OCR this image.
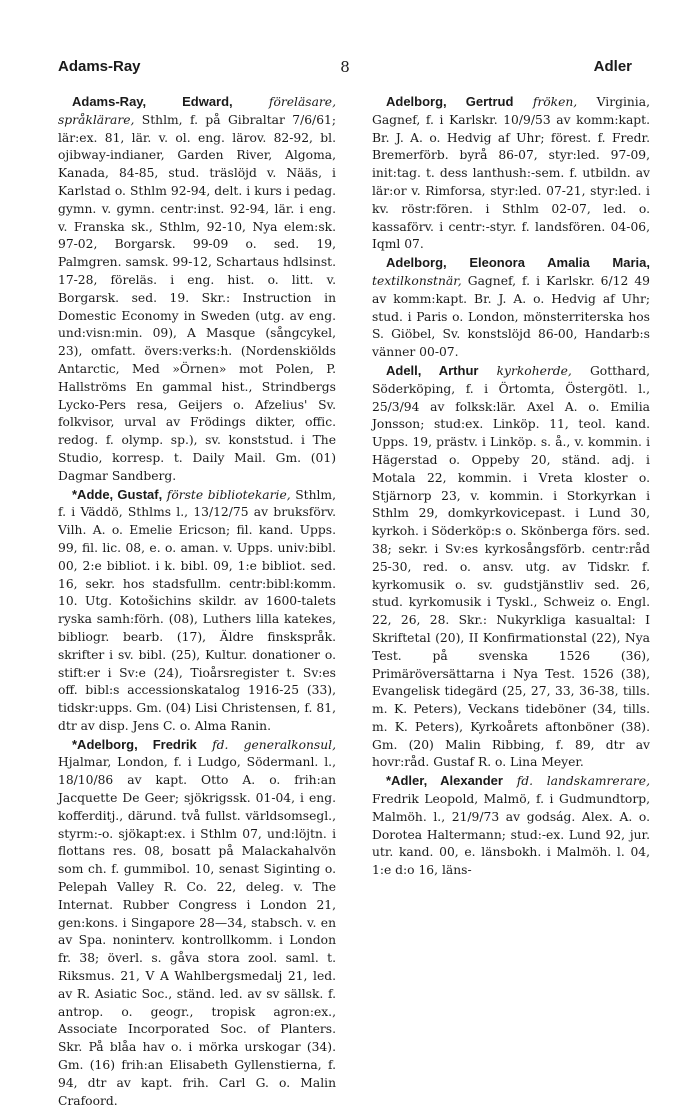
Adams-Ray	8	Adler

Adams-Ray, Edward,	föreläsare, språklärare, Sthlm, f. på Gibraltar 7/6/61; lär:ex. 81, lär. v. ol. eng. lärov. 82-92, bl. ojibway-indianer, Garden River, Algoma, Kanada, 84-85, stud. träslöjd v. Nääs, i Karlstad o. Sthlm 92-94, delt. i kurs i pedag. gymn. v. gymn. centr:inst. 92-94, lär. i eng. v. Franska sk., Sthlm, 92-10, Nya elem:sk. 97-02, Borgarsk. 99-09 o. sed. 19, Palmgren. samsk. 99-12, Schartaus hdlsinst. 17-28, föreläs. i eng. hist. o. litt. v. Borgarsk. sed. 19. Skr.: Instruction in Domestic Economy in Sweden (utg. av eng. und:visn:min. 09), A Masque (sångcykel, 23), omfatt. övers:verks:h. (Nordenskiölds Antarctic, Med »Örnen» mot Polen, P. Hallströms En gammal hist., Strindbergs Lycko-Pers resa, Geijers o. Afzelius' Sv. folkvisor, urval av Frödings dikter, offic. redog. f. olymp. sp.), sv. konststud. i The Studio, korresp. t. Daily Mail. Gm. (01) Dagmar Sandberg.

*Adde, Gustaf, förste bibliotekarie, Sthlm, f. i Väddö, Sthlms l., 13/12/75 av bruksförv. Vilh. A. o. Emelie Ericson; fil. kand. Upps. 99, fil. lic. 08, e. o. aman. v. Upps. univ:bibl. 00, 2:e bibliot. i k. bibl. 09, 1:e bibliot. sed. 16, sekr. hos stadsfullm. centr:bibl:komm. 10. Utg. Kotošichins skildr. av 1600-talets ryska samh:förh. (08), Luthers lilla katekes, bibliogr. bearb. (17), Äldre finskspråk. skrifter i sv. bibl. (25), Kultur. donationer o. stift:er i Sv:e (24), Tioårsregister t. Sv:es off. bibl:s accessionskatalog 1916-25 (33), tidskr:upps. Gm. (04) Lisi Christensen, f. 81, dtr av disp. Jens C. o. Alma Ranin.

*Adelborg, Fredrik fd. generalkonsul, Hjalmar, London, f. i Ludgo, Södermanl. l., 18/10/86 av kapt. Otto A. o. frih:an Jacquette De Geer; sjökrigssk. 01-04, i eng. kofferditj., därund. två fullst. världsomsegl., styrm:-o. sjökapt:ex. i Sthlm 07, und:löjtn. i flottans res. 08, bosatt på Malackahalvön som ch. f. gummibol. 10, senast Siginting o. Pelepah Valley R. Co. 22, deleg. v. The Internat. Rubber Congress i London 21, gen:kons. i Singapore 28—34, stabsch. v. en av Spa. noninterv. kontrollkomm. i London fr. 38; överl. s. gåva stora zool. saml. t. Riksmus. 21, V A Wahlbergsmedalj 21, led. av R. Asiatic Soc., ständ. led. av sv sällsk. f. antrop. o. geogr., tropisk agron:ex., Associate Incorporated Soc. of Planters. Skr. På blåa hav o. i mörka urskogar (34). Gm. (16) frih:an Elisabeth Gyllenstierna, f. 94, dtr av kapt. frih. Carl G. o. Malin Crafoord.

Adelborg, Gertrud fröken, Virginia, Gagnef, f. i Karlskr. 10/9/53 av komm:kapt. Br. J. A. o. Hedvig af Uhr; förest. f. Fredr. Bremerförb. byrå 86-07, styr:led. 97-09, init:tag. t. dess lanthush:-sem. f. utbildn. av lär:or v. Rimforsa, styr:led. 07-21, styr:led. i kv. röstr:fören. i Sthlm 02-07, led. o. kassaförv. i centr:-styr. f. landsfören. 04-06, Iqml 07.

Adelborg, Eleonora Amalia Maria, textilkonstnär, Gagnef, f. i Karlskr. 6/12 49 av komm:kapt. Br. J. A. o. Hedvig af Uhr; stud. i Paris o. London, mönsterriterska hos S. Giöbel, Sv. konstslöjd 86-00, Handarb:s vänner 00-07.

Adell, Arthur kyrkoherde, Gotthard, Söderköping, f. i Örtomta, Östergötl. l., 25/3/94 av folksk:lär. Axel A. o. Emilia Jonsson; stud:ex. Linköp. 11, teol. kand. Upps. 19, prästv. i Linköp. s. å., v. kommin. i Hägerstad o. Oppeby 20, ständ. adj. i Motala 22, kommin. i Vreta kloster o. Stjärnorp 23, v. kommin. i Storkyrkan i Sthlm 29, domkyrkovicepast. i Lund 30, kyrkoh. i Söderköp:s o. Skönberga förs. sed. 38; sekr. i Sv:es kyrkosångsförb. centr:råd 25-30, red. o. ansv. utg. av Tidskr. f. kyrkomusik o. sv. gudstjänstliv sed. 26, stud. kyrkomusik i Tyskl., Schweiz o. Engl. 22, 26, 28. Skr.: Nukyrkliga kasualtal: I Skriftetal (20), II Konfirmationstal (22), Nya Test. på svenska 1526 (36), Primäröversättarna i Nya Test. 1526 (38), Evangelisk tidegärd (25, 27, 33, 36-38, tills. m. K. Peters), Veckans tideböner (34, tills. m. K. Peters), Kyrkoårets aftonböner (38). Gm. (20) Malin Ribbing, f. 89, dtr av hovr:råd. Gustaf R. o. Lina Meyer.

*Adler, Alexander fd. landskamrerare, Fredrik Leopold, Malmö, f. i Gudmundtorp, Malmöh. l., 21/9/73 av godság. Alex. A. o. Dorotea Haltermann; stud:-ex. Lund 92, jur. utr. kand. 00, e. länsbokh. i Malmöh. l. 04, 1:e d:o 16, läns-
